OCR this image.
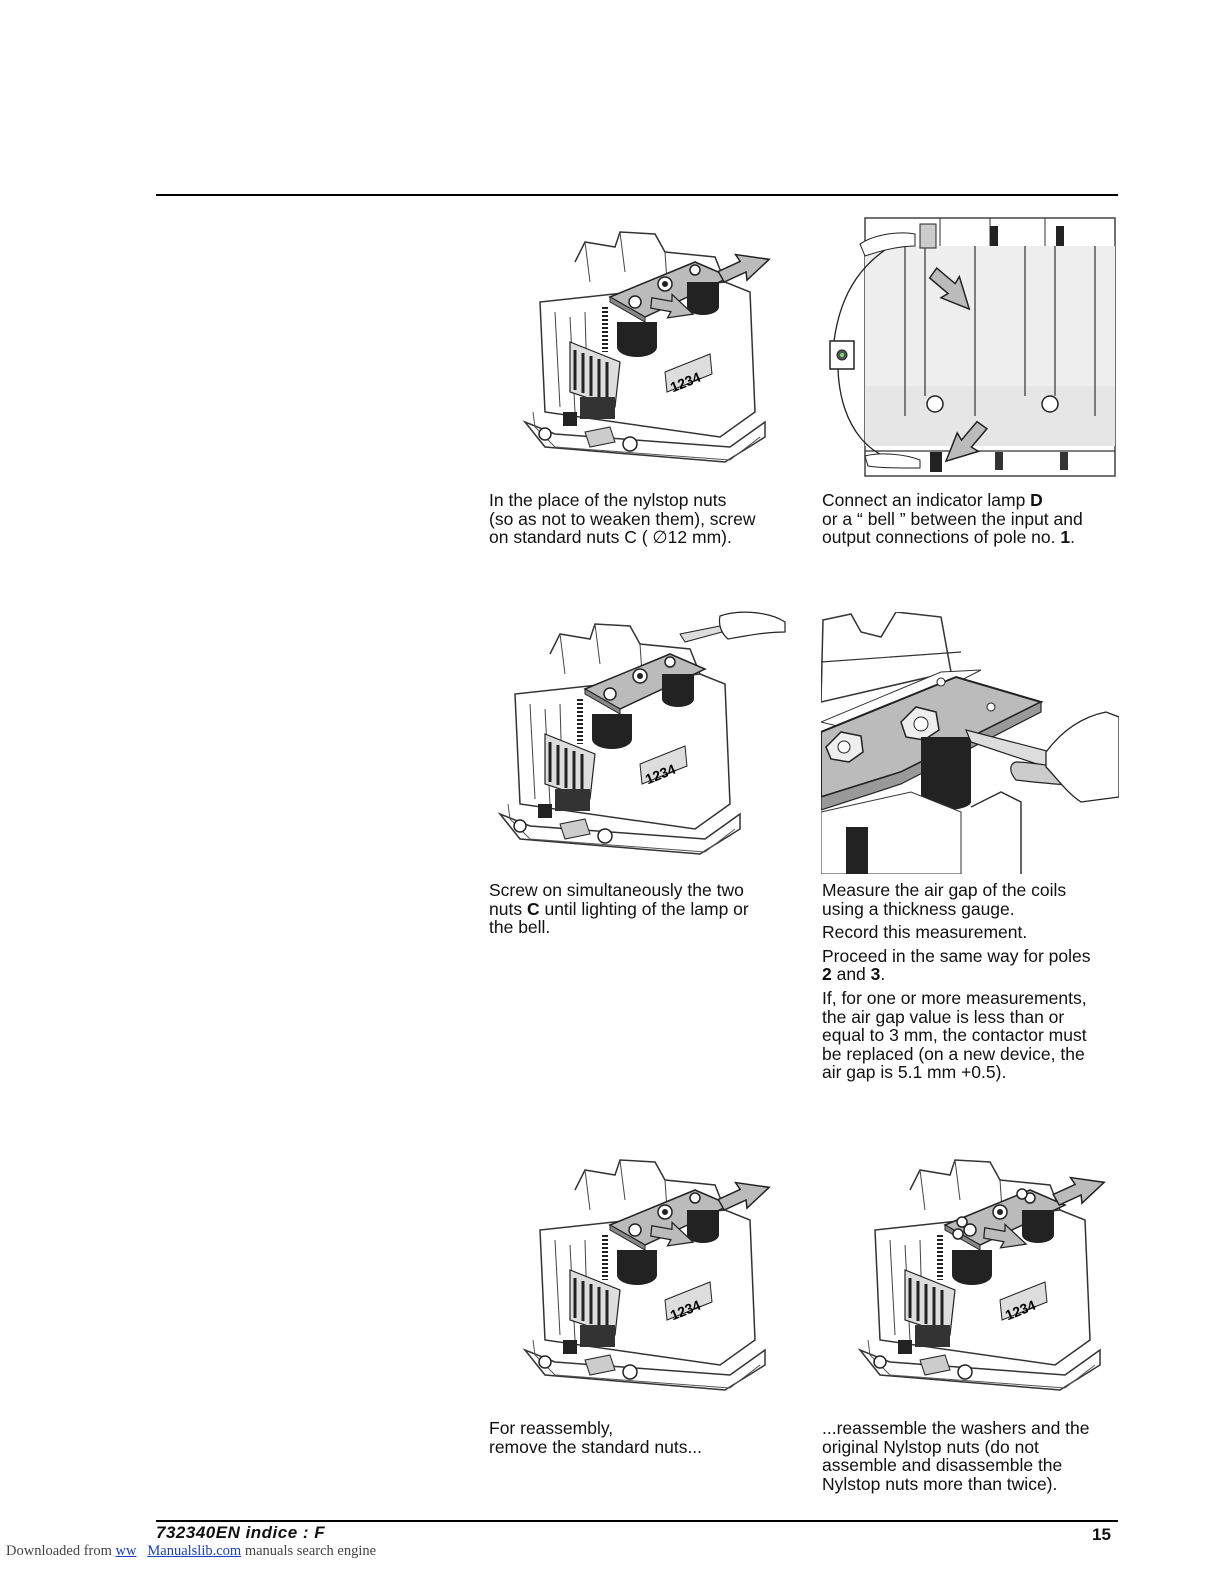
1234
In the place of the nylstop nuts
(so as not to weaken them), screw
on standard nuts C ( ∅12 mm).
Connect an indicator lamp D
or a “ bell ” between the input and
output connections of pole no. 1.
1234
Screw on simultaneously the two
nuts C until lighting of the lamp or
the bell.

Measure the air gap of the coils
using a thickness gauge.

Record this measurement.

Proceed in the same way for poles
2 and 3.

If, for one or more measurements,
the air gap value is less than or
equal to 3 mm, the contactor must
be replaced (on a new device, the
air gap is 5.1 mm +0.5).

1234	1234
For reassembly,
remove the standard nuts...
...reassemble the washers and the
original Nylstop nuts (do not
assemble and disassemble the
Nylstop nuts more than twice).
732340EN indice : F	15
Downloaded from ww Manualslib.com manuals search engine
